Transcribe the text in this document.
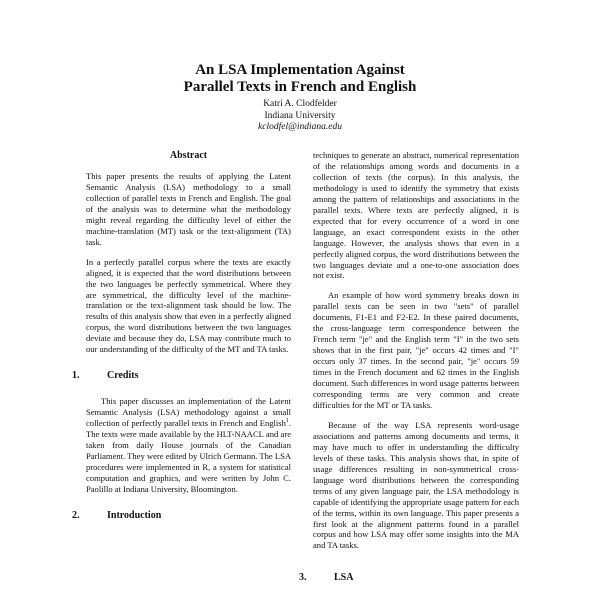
An LSA Implementation Against
Parallel Texts in French and English
Katri A. Clodfelder
Indiana University
kclodfel@indiana.edu
Abstract

This paper presents the results of applying the Latent Semantic Analysis (LSA) methodology to a small collection of parallel texts in French and English. The goal of the analysis was to determine what the methodology might reveal regarding the difficulty level of either the machine-translation (MT) task or the text-alignment (TA) task.

In a perfectly parallel corpus where the texts are exactly aligned, it is expected that the word distributions between the two languages be perfectly symmetrical. Where they are symmetrical, the difficulty level of the machine-translation or the text-alignment task should be low. The results of this analysis show that even in a perfectly aligned corpus, the word distributions between the two languages deviate and because they do, LSA may contribute much to our understanding of the difficulty of the MT and TA tasks.

1.	Credits

This paper discusses an implementation of the Latent Semantic Analysis (LSA) methodology against a small collection of perfectly parallel texts in French and English$^1$. The texts were made available by the HLT-NAACL and are taken from daily House journals of the Canadian Parliament. They were edited by Ulrich Germann. The LSA procedures were implemented in R, a system for statistical computation and graphics, and were written by John C. Paolillo at Indiana University, Bloomington.

2.	Introduction

techniques to generate an abstract, numerical representation of the relationships among words and documents in a collection of texts (the corpus). In this analysis, the methodology is used to identify the symmetry that exists among the pattern of relationships and associations in the parallel texts. Where texts are perfectly aligned, it is expected that for every occurrence of a word in one language, an exact correspondent exists in the other language. However, the analysis shows that even in a perfectly aligned corpus, the word distributions between the two languages deviate and a one-to-one association does not exist.

An example of how word symmetry breaks down in parallel texts can be seen in two "sets" of parallel documents, F1-E1 and F2-E2. In these paired documents, the cross-language term correspondence between the French term "je" and the English term "I" in the two sets shows that in the first pair, "je" occurs 42 times and "I" occurs only 37 times. In the second pair, "je" occurs 59 times in the French document and 62 times in the English document. Such differences in word usage patterns between corresponding terms are very common and create difficulties for the MT or TA tasks.

Because of the way LSA represents word-usage associations and patterns among documents and terms, it may have much to offer in understanding the difficulty levels of these tasks. This analysis shows that, in spite of usage differences resulting in non-symmetrical cross-language word distributions between the corresponding terms of any given language pair, the LSA methodology is capable of identifying the appropriate usage pattern for each of the terms, within its own language. This paper presents a first look at the alignment patterns found in a parallel corpus and how LSA may offer some insights into the MA and TA tasks.

3.	LSA
